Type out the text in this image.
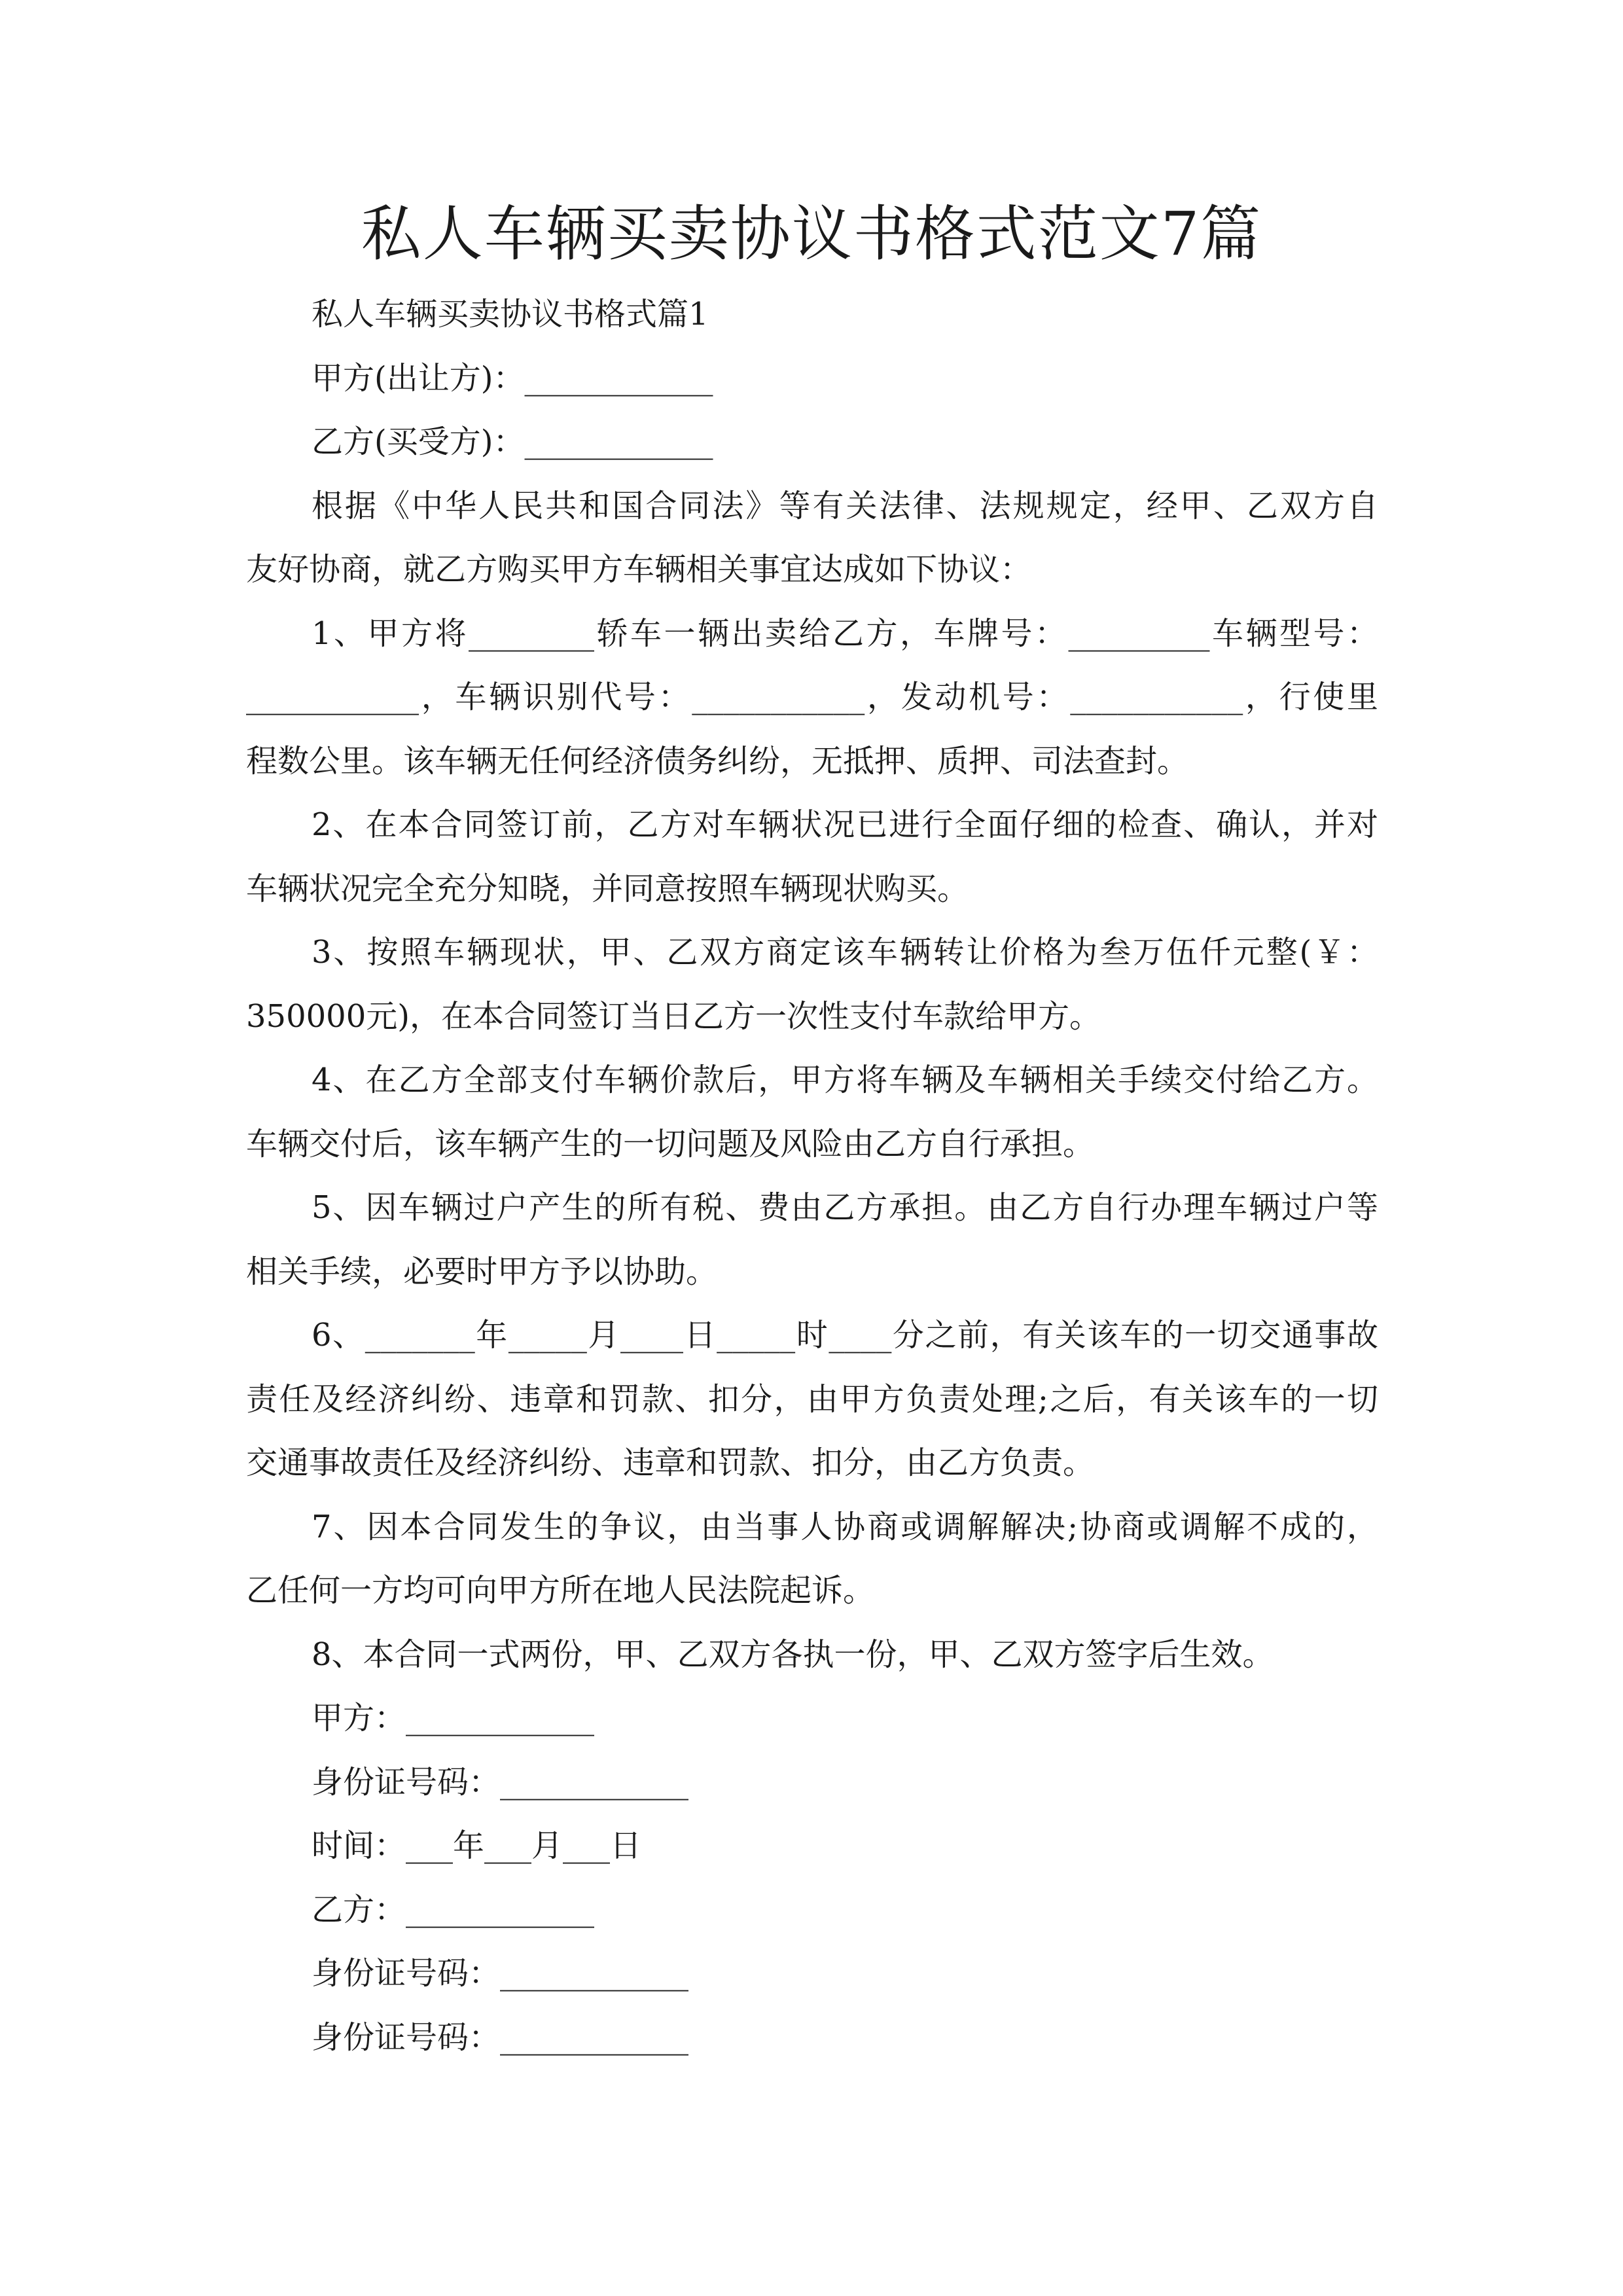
私人车辆买卖协议书格式范文7篇
私人车辆买卖协议书格式篇1
甲方(出让方)：____________
乙方(买受方)：____________
根据《中华人民共和国合同法》等有关法律、法规规定，经甲、乙双方自
友好协商，就乙方购买甲方车辆相关事宜达成如下协议：
1、甲方将________轿车一辆出卖给乙方，车牌号：_________车辆型号：
___________，车辆识别代号：___________，发动机号：___________，行使里
程数公里。该车辆无任何经济债务纠纷，无抵押、质押、司法查封。
2、在本合同签订前，乙方对车辆状况已进行全面仔细的检查、确认，并对
车辆状况完全充分知晓，并同意按照车辆现状购买。
3、按照车辆现状，甲、乙双方商定该车辆转让价格为叁万伍仟元整(￥：
350000元)，在本合同签订当日乙方一次性支付车款给甲方。
4、在乙方全部支付车辆价款后，甲方将车辆及车辆相关手续交付给乙方。
车辆交付后，该车辆产生的一切问题及风险由乙方自行承担。
5、因车辆过户产生的所有税、费由乙方承担。由乙方自行办理车辆过户等
相关手续，必要时甲方予以协助。
6、_______年_____月____日_____时____分之前，有关该车的一切交通事故
责任及经济纠纷、违章和罚款、扣分，由甲方负责处理;之后，有关该车的一切
交通事故责任及经济纠纷、违章和罚款、扣分，由乙方负责。
7、因本合同发生的争议，由当事人协商或调解解决;协商或调解不成的，
乙任何一方均可向甲方所在地人民法院起诉。
8、本合同一式两份，甲、乙双方各执一份，甲、乙双方签字后生效。
甲方：____________
身份证号码：____________
时间：___年___月___日
乙方：____________
身份证号码：____________
身份证号码：____________
